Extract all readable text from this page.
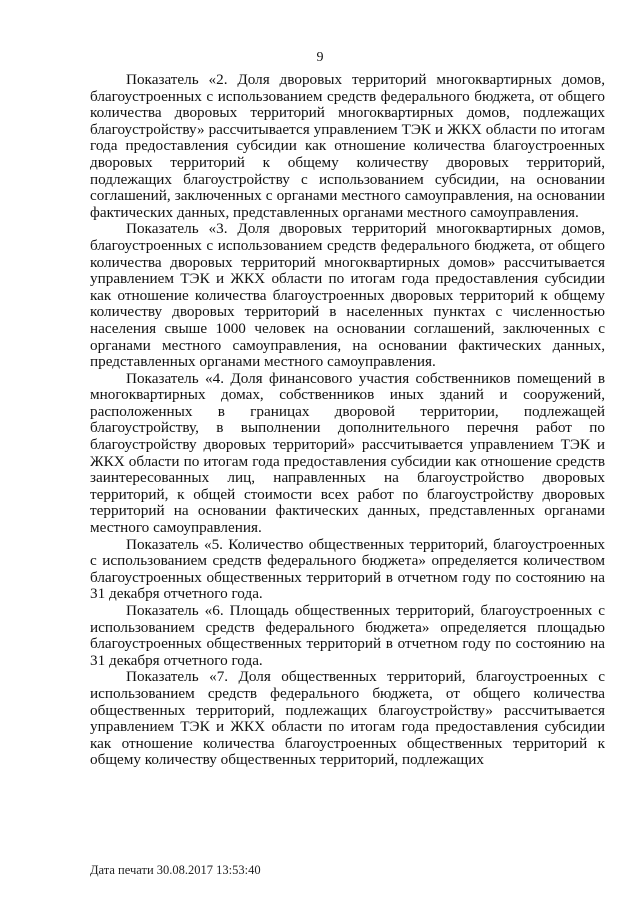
9

Показатель «2. Доля дворовых территорий многоквартирных домов, благоустроенных с использованием средств федерального бюджета, от общего количества дворовых территорий многоквартирных домов, подлежащих благоустройству» рассчитывается управлением ТЭК и ЖКХ области по итогам года предоставления субсидии как отношение количества благоустроенных дворовых территорий к общему количеству дворовых территорий, подлежащих благоустройству с использованием субсидии, на основании соглашений, заключенных с органами местного самоуправления, на основании фактических данных, представленных органами местного самоуправления.

Показатель «3. Доля дворовых территорий многоквартирных домов, благоустроенных с использованием средств федерального бюджета, от общего количества дворовых территорий многоквартирных домов» рассчитывается управлением ТЭК и ЖКХ области по итогам года предоставления субсидии как отношение количества благоустроенных дворовых территорий к общему количеству дворовых территорий в населенных пунктах с численностью населения свыше 1000 человек на основании соглашений, заключенных с органами местного самоуправления, на основании фактических данных, представленных органами местного самоуправления.

Показатель «4. Доля финансового участия собственников помещений в многоквартирных домах, собственников иных зданий и сооружений, расположенных в границах дворовой территории, подлежащей благоустройству, в выполнении дополнительного перечня работ по благоустройству дворовых территорий» рассчитывается управлением ТЭК и ЖКХ области по итогам года предоставления субсидии как отношение средств заинтересованных лиц, направленных на благоустройство дворовых территорий, к общей стоимости всех работ по благоустройству дворовых территорий на основании фактических данных, представленных органами местного самоуправления.

Показатель «5. Количество общественных территорий, благоустроенных с использованием средств федерального бюджета» определяется количеством благоустроенных общественных территорий в отчетном году по состоянию на 31 декабря отчетного года.

Показатель «6. Площадь общественных территорий, благоустроенных с использованием средств федерального бюджета» определяется площадью благоустроенных общественных территорий в отчетном году по состоянию на 31 декабря отчетного года.

Показатель «7. Доля общественных территорий, благоустроенных с использованием средств федерального бюджета, от общего количества общественных территорий, подлежащих благоустройству» рассчитывается управлением ТЭК и ЖКХ области по итогам года предоставления субсидии как отношение количества благоустроенных общественных территорий к общему количеству общественных территорий, подлежащих

Дата печати 30.08.2017 13:53:40
